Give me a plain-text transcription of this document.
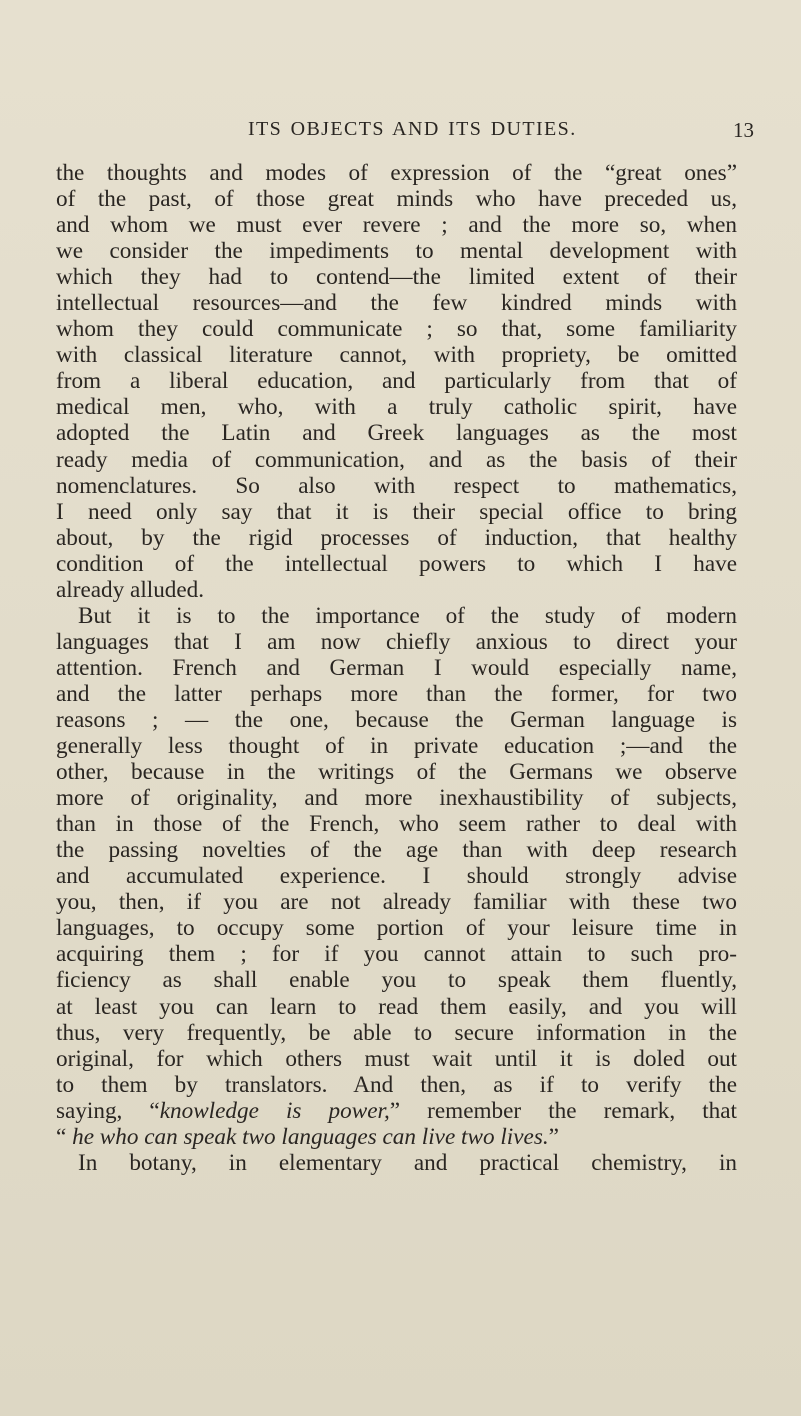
ITS OBJECTS AND ITS DUTIES.	13
the thoughts and modes of expression of the “great ones”
of the past, of those great minds who have preceded us,
and whom we must ever revere ; and the more so, when
we consider the impediments to mental development with
which they had to contend—the limited extent of their
intellectual resources—and the few kindred minds with
whom they could communicate ; so that, some familiarity
with classical literature cannot, with propriety, be omitted
from a liberal education, and particularly from that of
medical men, who, with a truly catholic spirit, have
adopted the Latin and Greek languages as the most
ready media of communication, and as the basis of their
nomenclatures. So also with respect to mathematics,
I need only say that it is their special office to bring
about, by the rigid processes of induction, that healthy
condition of the intellectual powers to which I have
already alluded.
But it is to the importance of the study of modern
languages that I am now chiefly anxious to direct your
attention. French and German I would especially name,
and the latter perhaps more than the former, for two
reasons ; — the one, because the German language is
generally less thought of in private education ;—and the
other, because in the writings of the Germans we observe
more of originality, and more inexhaustibility of subjects,
than in those of the French, who seem rather to deal with
the passing novelties of the age than with deep research
and accumulated experience. I should strongly advise
you, then, if you are not already familiar with these two
languages, to occupy some portion of your leisure time in
acquiring them ; for if you cannot attain to such pro-
ficiency as shall enable you to speak them fluently,
at least you can learn to read them easily, and you will
thus, very frequently, be able to secure information in the
original, for which others must wait until it is doled out
to them by translators. And then, as if to verify the
saying, “knowledge is power,” remember the remark, that
“ he who can speak two languages can live two lives.”
In botany, in elementary and practical chemistry, in
